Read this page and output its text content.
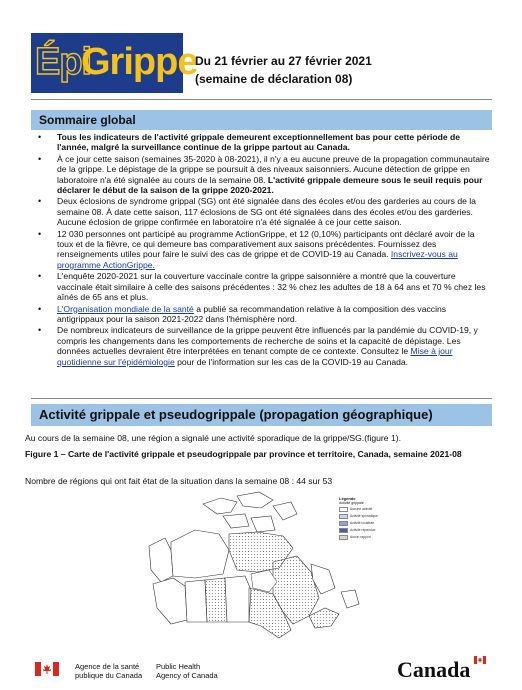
Épi
Grippe
Du 21 février au 27 février 2021
(semaine de déclaration 08)
Sommaire global
• Tous les indicateurs de l'activité grippale demeurent exceptionnellement bas pour cette période de l'année, malgré la surveillance continue de la grippe partout au Canada.
• À ce jour cette saison (semaines 35-2020 à 08-2021), il n'y a eu aucune preuve de la propagation communautaire de la grippe. Le dépistage de la grippe se poursuit à des niveaux saisonniers. Aucune détection de grippe en laboratoire n'a été signalée au cours de la semaine 08. L'activité grippale demeure sous le seuil requis pour déclarer le début de la saison de la grippe 2020-2021.
• Deux éclosions de syndrome grippal (SG) ont été signalée dans des écoles et/ou des garderies au cours de la semaine 08. À date cette saison, 117 éclosions de SG ont été signalées dans des écoles et/ou des garderies. Aucune éclosion de grippe confirmée en laboratoire n'a été signalée à ce jour cette saison.
• 12 030 personnes ont participé au programme ActionGrippe, et 12 (0,10%) participants ont déclaré avoir de la toux et de la fièvre, ce qui demeure bas comparativement aux saisons précédentes. Fournissez des renseignements utiles pour faire le suivi des cas de grippe et de COVID-19 au Canada. Inscrivez-vous au programme ActionGrippe.
• L'enquête 2020-2021 sur la couverture vaccinale contre la grippe saisonnière a montré que la couverture vaccinale était similaire à celle des saisons précédentes : 32 % chez les adultes de 18 à 64 ans et 70 % chez les aînés de 65 ans et plus.
• L'Organisation mondiale de la santé a publié sa recommandation relative à la composition des vaccins antigrippaux pour la saison 2021-2022 dans l'hémisphère nord.
• De nombreux indicateurs de surveillance de la grippe peuvent être influencés par la pandémie du COVID-19, y compris les changements dans les comportements de recherche de soins et la capacité de dépistage. Les données actuelles devraient être interprétées en tenant compte de ce contexte. Consultez le Mise à jour quotidienne sur l'épidémiologie pour de l'information sur les cas de la COVID-19 au Canada.
Activité grippale et pseudogrippale (propagation géographique)
Au cours de la semaine 08, une région a signalé une activité sporadique de la grippe/SG.(figure 1).
Figure 1 – Carte de l'activité grippale et pseudogrippale par province et territoire, Canada, semaine 2021-08
Nombre de régions qui ont fait état de la situation dans la semaine 08 : 44 sur 53
Légende
Activité grippale
Aucune activité
Activité sporadique
Activité localisée
Activité répandue
Aucun rapport
Agence de la santé
publique du Canada
Public Health
Agency of Canada	Canada
